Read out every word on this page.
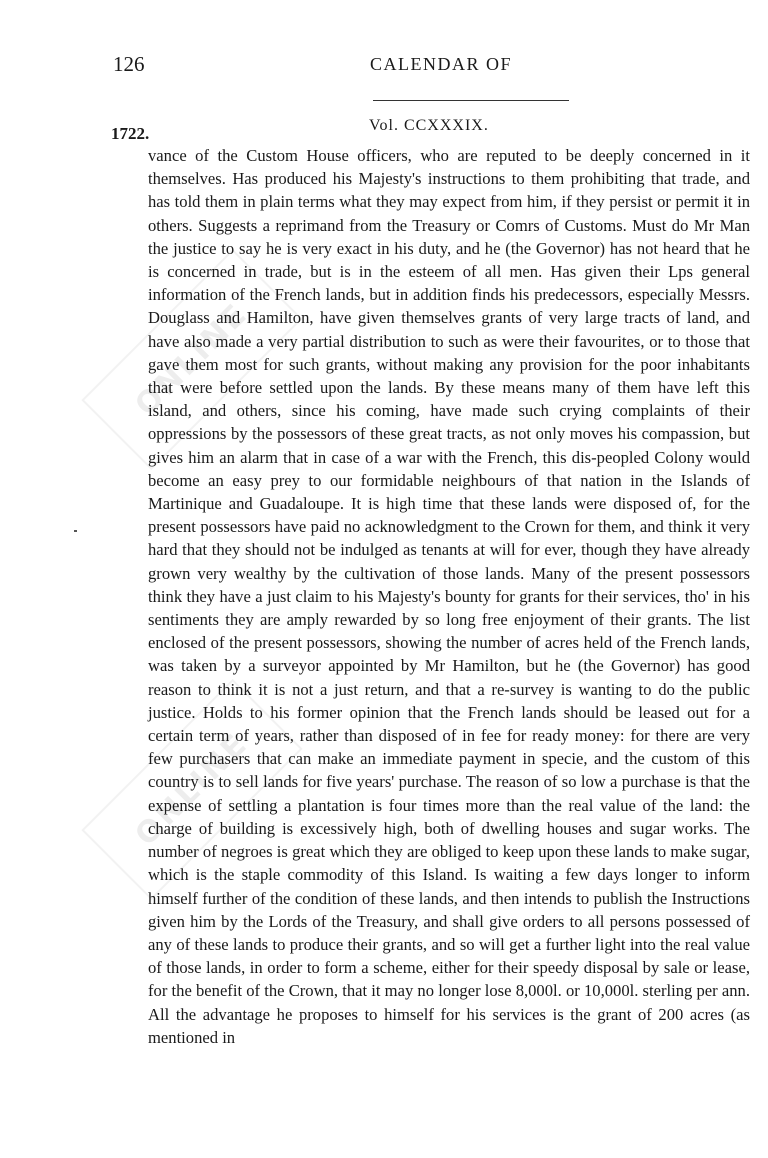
126	CALENDAR OF
1722.	Vol. CCXXXIX.
ONLINE
ONLINE

vance of the Custom House officers, who are reputed to be deeply concerned in it themselves. Has produced his Majesty's instructions to them prohibiting that trade, and has told them in plain terms what they may expect from him, if they persist or permit it in others. Suggests a reprimand from the Treasury or Comrs of Customs. Must do Mr Man the justice to say he is very exact in his duty, and he (the Governor) has not heard that he is concerned in trade, but is in the esteem of all men. Has given their Lps general information of the French lands, but in addition finds his predecessors, especially Messrs. Douglass and Hamilton, have given themselves grants of very large tracts of land, and have also made a very partial distribution to such as were their favourites, or to those that gave them most for such grants, without making any provision for the poor inhabitants that were before settled upon the lands. By these means many of them have left this island, and others, since his coming, have made such crying complaints of their oppressions by the possessors of these great tracts, as not only moves his compassion, but gives him an alarm that in case of a war with the French, this dis-peopled Colony would become an easy prey to our formidable neighbours of that nation in the Islands of Martinique and Guadaloupe. It is high time that these lands were disposed of, for the present possessors have paid no acknowledgment to the Crown for them, and think it very hard that they should not be indulged as tenants at will for ever, though they have already grown very wealthy by the cultivation of those lands. Many of the present possessors think they have a just claim to his Majesty's bounty for grants for their services, tho' in his sentiments they are amply rewarded by so long free enjoyment of their grants. The list enclosed of the present possessors, showing the number of acres held of the French lands, was taken by a surveyor appointed by Mr Hamilton, but he (the Governor) has good reason to think it is not a just return, and that a re-survey is wanting to do the public justice. Holds to his former opinion that the French lands should be leased out for a certain term of years, rather than disposed of in fee for ready money: for there are very few purchasers that can make an immediate payment in specie, and the custom of this country is to sell lands for five years' purchase. The reason of so low a purchase is that the expense of settling a plantation is four times more than the real value of the land: the charge of building is excessively high, both of dwelling houses and sugar works. The number of negroes is great which they are obliged to keep upon these lands to make sugar, which is the staple commodity of this Island. Is waiting a few days longer to inform himself further of the condition of these lands, and then intends to publish the Instructions given him by the Lords of the Treasury, and shall give orders to all persons possessed of any of these lands to produce their grants, and so will get a further light into the real value of those lands, in order to form a scheme, either for their speedy disposal by sale or lease, for the benefit of the Crown, that it may no longer lose 8,000l. or 10,000l. sterling per ann. All the advantage he proposes to himself for his services is the grant of 200 acres (as mentioned in
